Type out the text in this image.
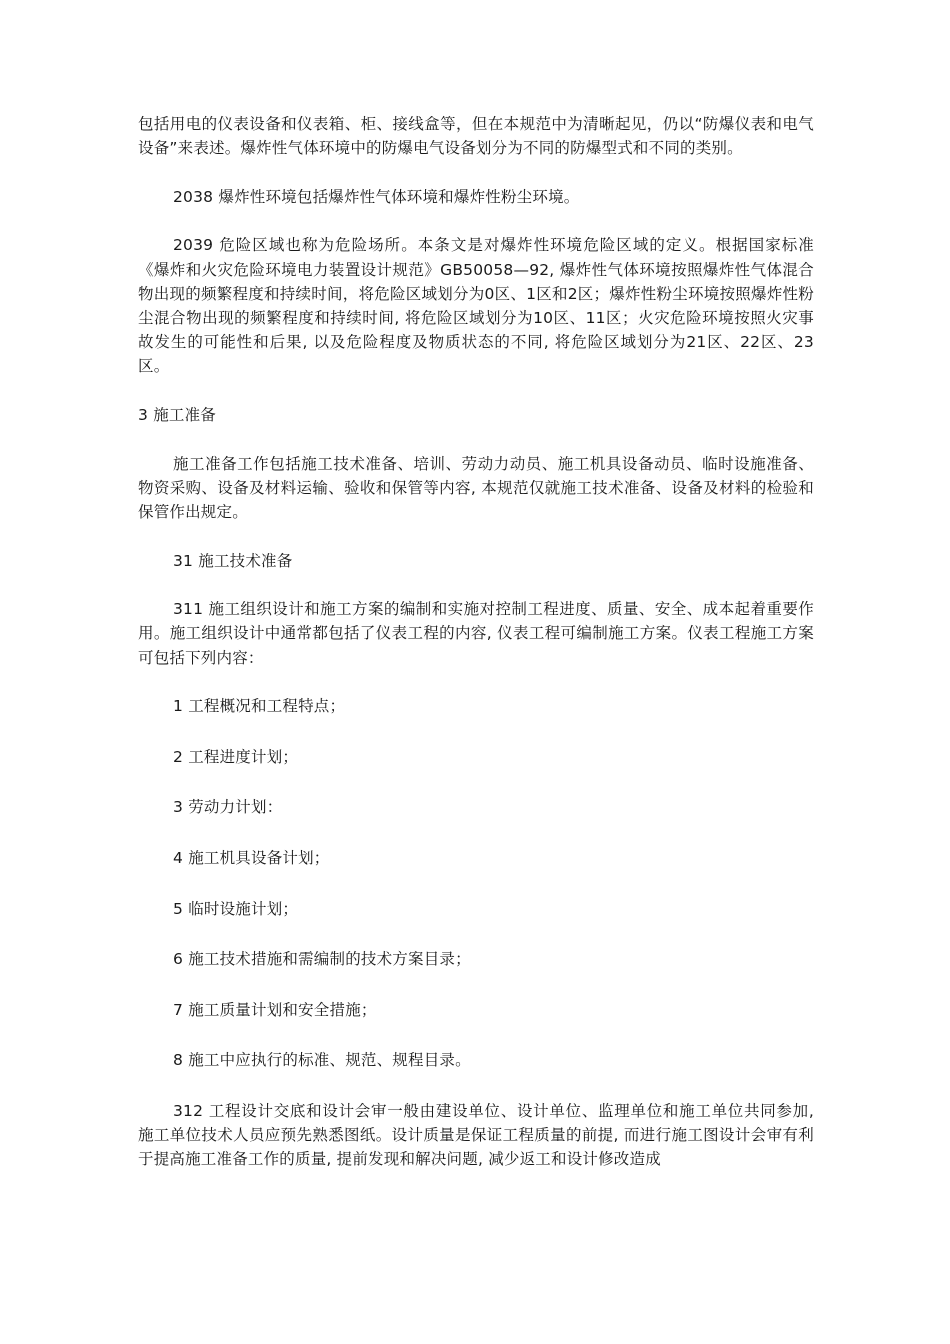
包括用电的仪表设备和仪表箱、柜、接线盒等，但在本规范中为清晰起见，仍以“防爆仪表和电气设备”来表述。爆炸性气体环境中的防爆电气设备划分为不同的防爆型式和不同的类别。

2038 爆炸性环境包括爆炸性气体环境和爆炸性粉尘环境。

2039 危险区域也称为危险场所。本条文是对爆炸性环境危险区域的定义。根据国家标准《爆炸和火灾危险环境电力装置设计规范》GB50058—92, 爆炸性气体环境按照爆炸性气体混合物出现的频繁程度和持续时间，将危险区域划分为0区、1区和2区；爆炸性粉尘环境按照爆炸性粉尘混合物出现的频繁程度和持续时间, 将危险区域划分为10区、11区；火灾危险环境按照火灾事故发生的可能性和后果, 以及危险程度及物质状态的不同, 将危险区域划分为21区、22区、23区。

3 施工准备

施工准备工作包括施工技术准备、培训、劳动力动员、施工机具设备动员、临时设施准备、物资采购、设备及材料运输、验收和保管等内容, 本规范仅就施工技术准备、设备及材料的检验和保管作出规定。

31 施工技术准备

311 施工组织设计和施工方案的编制和实施对控制工程进度、质量、安全、成本起着重要作用。施工组织设计中通常都包括了仪表工程的内容, 仪表工程可编制施工方案。仪表工程施工方案可包括下列内容：

1 工程概况和工程特点；

2 工程进度计划；

3 劳动力计划：

4 施工机具设备计划；

5 临时设施计划；

6 施工技术措施和需编制的技术方案目录；

7 施工质量计划和安全措施；

8 施工中应执行的标准、规范、规程目录。

312 工程设计交底和设计会审一般由建设单位、设计单位、监理单位和施工单位共同参加, 施工单位技术人员应预先熟悉图纸。设计质量是保证工程质量的前提, 而进行施工图设计会审有利于提高施工准备工作的质量, 提前发现和解决问题, 减少返工和设计修改造成
